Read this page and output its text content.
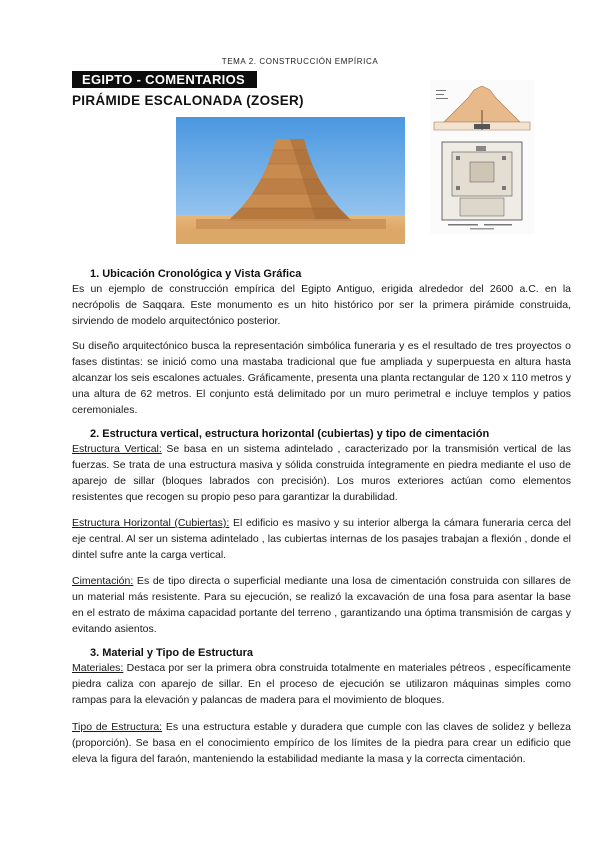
TEMA 2. CONSTRUCCIÓN EMPÍRICA
EGIPTO - COMENTARIOS
PIRÁMIDE ESCALONADA (ZOSER)
1. Ubicación Cronológica y Vista Gráfica
Es un ejemplo de construcción empírica del Egipto Antiguo, erigida alrededor del 2600 a.C. en la necrópolis de Saqqara. Este monumento es un hito histórico por ser la primera pirámide construida, sirviendo de modelo arquitectónico posterior.
Su diseño arquitectónico busca la representación simbólica funeraria y es el resultado de tres proyectos o fases distintas: se inició como una mastaba tradicional que fue ampliada y superpuesta en altura hasta alcanzar los seis escalones actuales. Gráficamente, presenta una planta rectangular de 120 x 110 metros y una altura de 62 metros. El conjunto está delimitado por un muro perimetral e incluye templos y patios ceremoniales.
2. Estructura vertical, estructura horizontal (cubiertas) y tipo de cimentación
Estructura Vertical: Se basa en un sistema adintelado , caracterizado por la transmisión vertical de las fuerzas. Se trata de una estructura masiva y sólida construida íntegramente en piedra mediante el uso de aparejo de sillar (bloques labrados con precisión). Los muros exteriores actúan como elementos resistentes que recogen su propio peso para garantizar la durabilidad.
Estructura Horizontal (Cubiertas): El edificio es masivo y su interior alberga la cámara funeraria cerca del eje central. Al ser un sistema adintelado , las cubiertas internas de los pasajes trabajan a flexión , donde el dintel sufre ante la carga vertical.
Cimentación: Es de tipo directa o superficial mediante una losa de cimentación construida con sillares de un material más resistente. Para su ejecución, se realizó la excavación de una fosa para asentar la base en el estrato de máxima capacidad portante del terreno , garantizando una óptima transmisión de cargas y evitando asientos.
3. Material y Tipo de Estructura
Materiales: Destaca por ser la primera obra construida totalmente en materiales pétreos , específicamente piedra caliza con aparejo de sillar. En el proceso de ejecución se utilizaron máquinas simples como rampas para la elevación y palancas de madera para el movimiento de bloques.
Tipo de Estructura: Es una estructura estable y duradera que cumple con las claves de solidez y belleza (proporción). Se basa en el conocimiento empírico de los límites de la piedra para crear un edificio que eleva la figura del faraón, manteniendo la estabilidad mediante la masa y la correcta cimentación.
